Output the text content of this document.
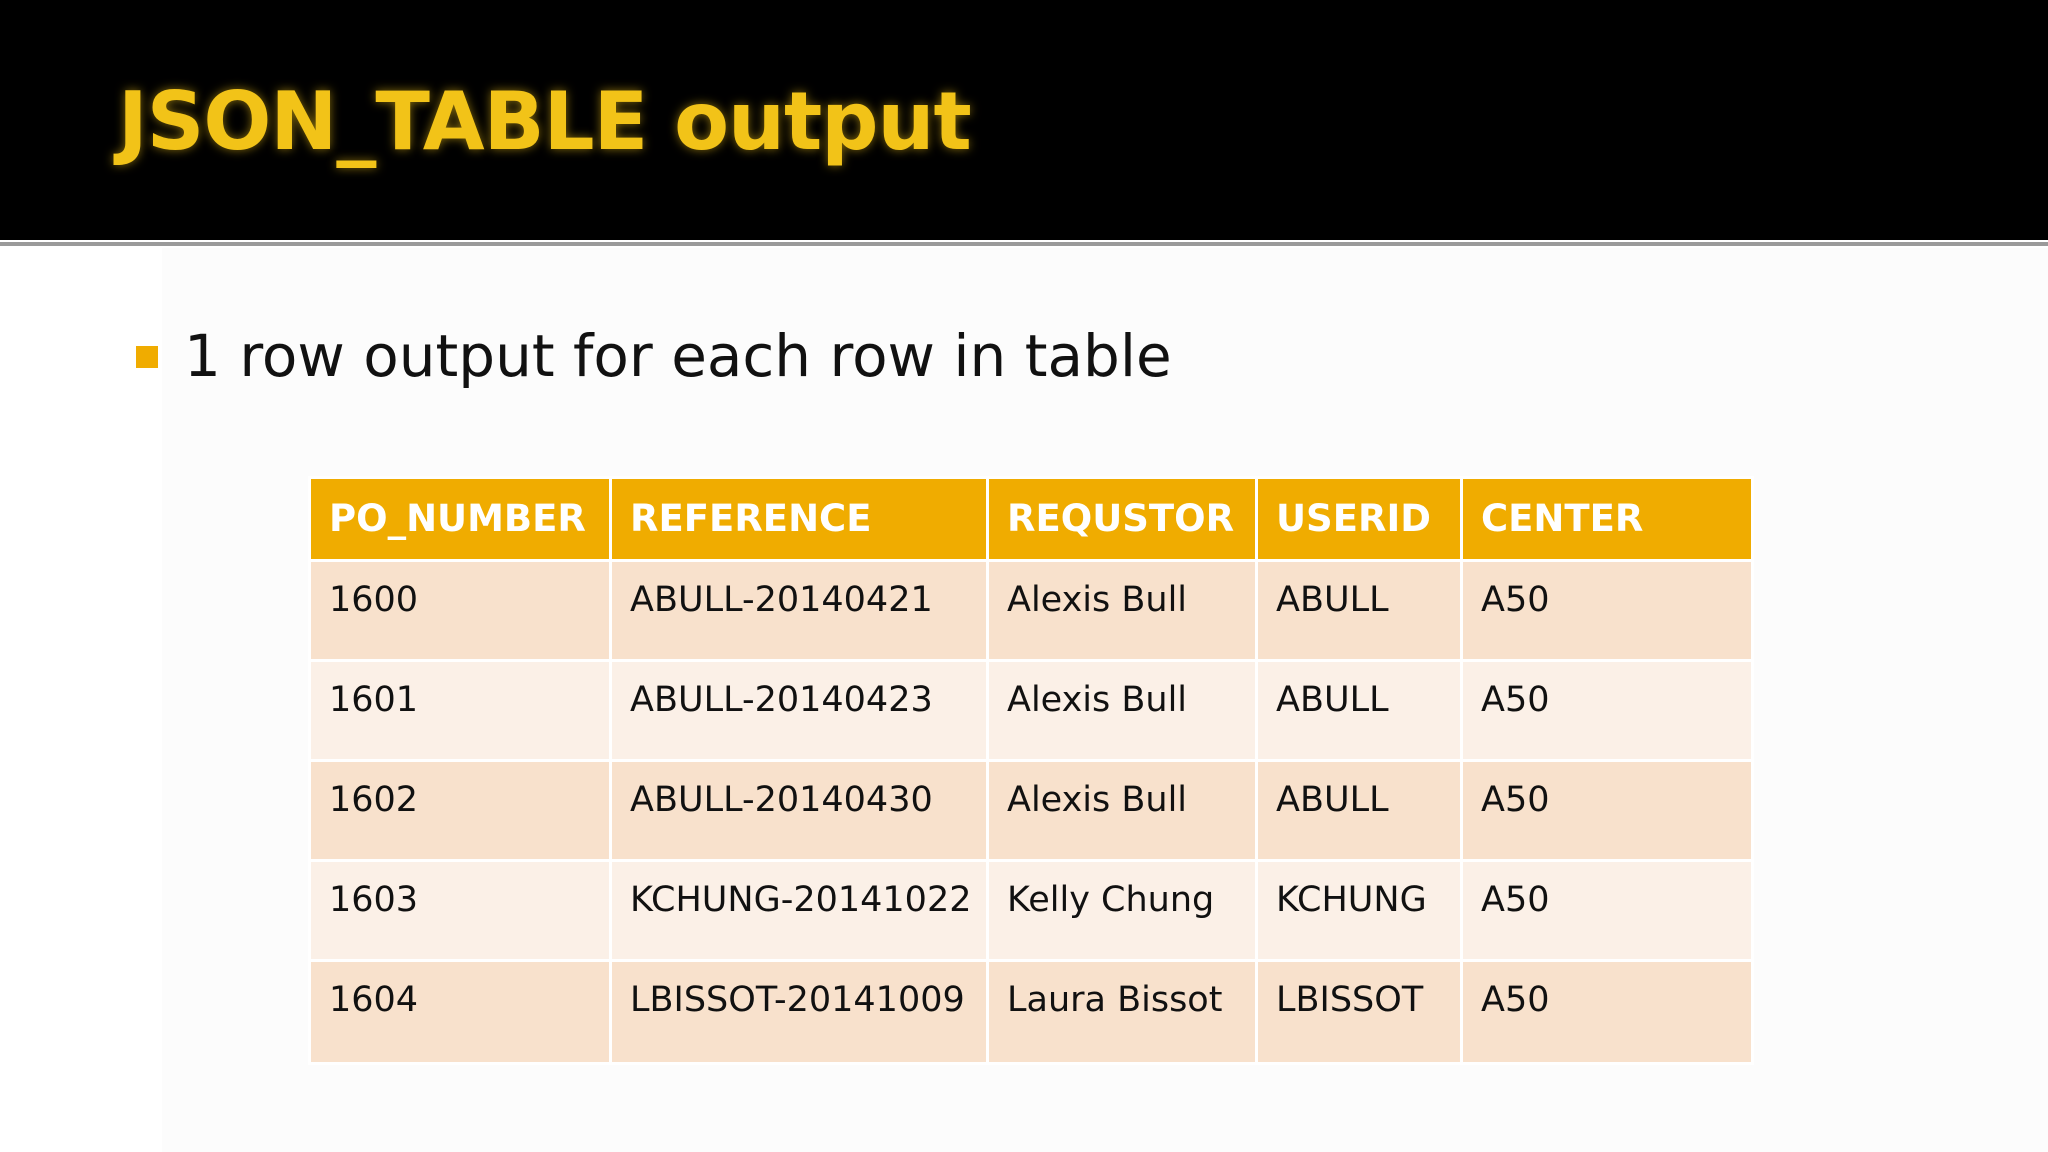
JSON_TABLE output

1 row output for each row in table

PO_NUMBER	REFERENCE	REQUSTOR	USERID	CENTER
1600	ABULL-20140421	Alexis Bull	ABULL	A50
1601	ABULL-20140423	Alexis Bull	ABULL	A50
1602	ABULL-20140430	Alexis Bull	ABULL	A50
1603	KCHUNG-20141022	Kelly Chung	KCHUNG	A50
1604	LBISSOT-20141009	Laura Bissot	LBISSOT	A50
